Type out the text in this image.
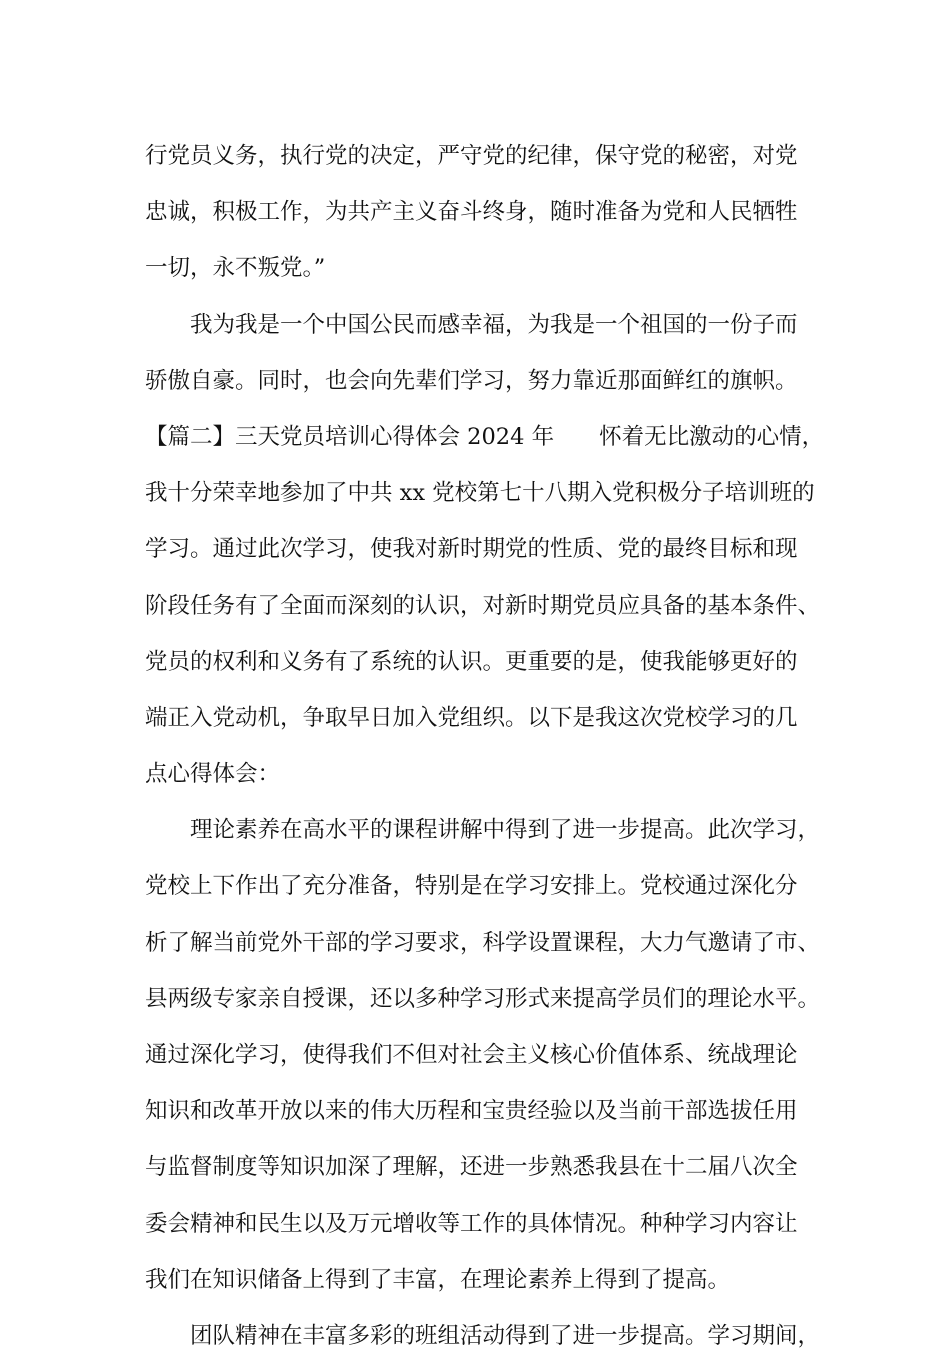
行党员义务，执行党的决定，严守党的纪律，保守党的秘密，对党
忠诚，积极工作，为共产主义奋斗终身，随时准备为党和人民牺牲
一切，永不叛党。”
我为我是一个中国公民而感幸福，为我是一个祖国的一份子而
骄傲自豪。同时，也会向先辈们学习，努力靠近那面鲜红的旗帜。
【篇二】三天党员培训心得体会 2024 年　　怀着无比激动的心情，
我十分荣幸地参加了中共 xx 党校第七十八期入党积极分子培训班的
学习。通过此次学习，使我对新时期党的性质、党的最终目标和现
阶段任务有了全面而深刻的认识，对新时期党员应具备的基本条件、
党员的权利和义务有了系统的认识。更重要的是，使我能够更好的
端正入党动机，争取早日加入党组织。以下是我这次党校学习的几
点心得体会：
理论素养在高水平的课程讲解中得到了进一步提高。此次学习，
党校上下作出了充分准备，特别是在学习安排上。党校通过深化分
析了解当前党外干部的学习要求，科学设置课程，大力气邀请了市、
县两级专家亲自授课，还以多种学习形式来提高学员们的理论水平。
通过深化学习，使得我们不但对社会主义核心价值体系、统战理论
知识和改革开放以来的伟大历程和宝贵经验以及当前干部选拔任用
与监督制度等知识加深了理解，还进一步熟悉我县在十二届八次全
委会精神和民生以及万元增收等工作的具体情况。种种学习内容让
我们在知识储备上得到了丰富，在理论素养上得到了提高。
团队精神在丰富多彩的班组活动得到了进一步提高。学习期间，
